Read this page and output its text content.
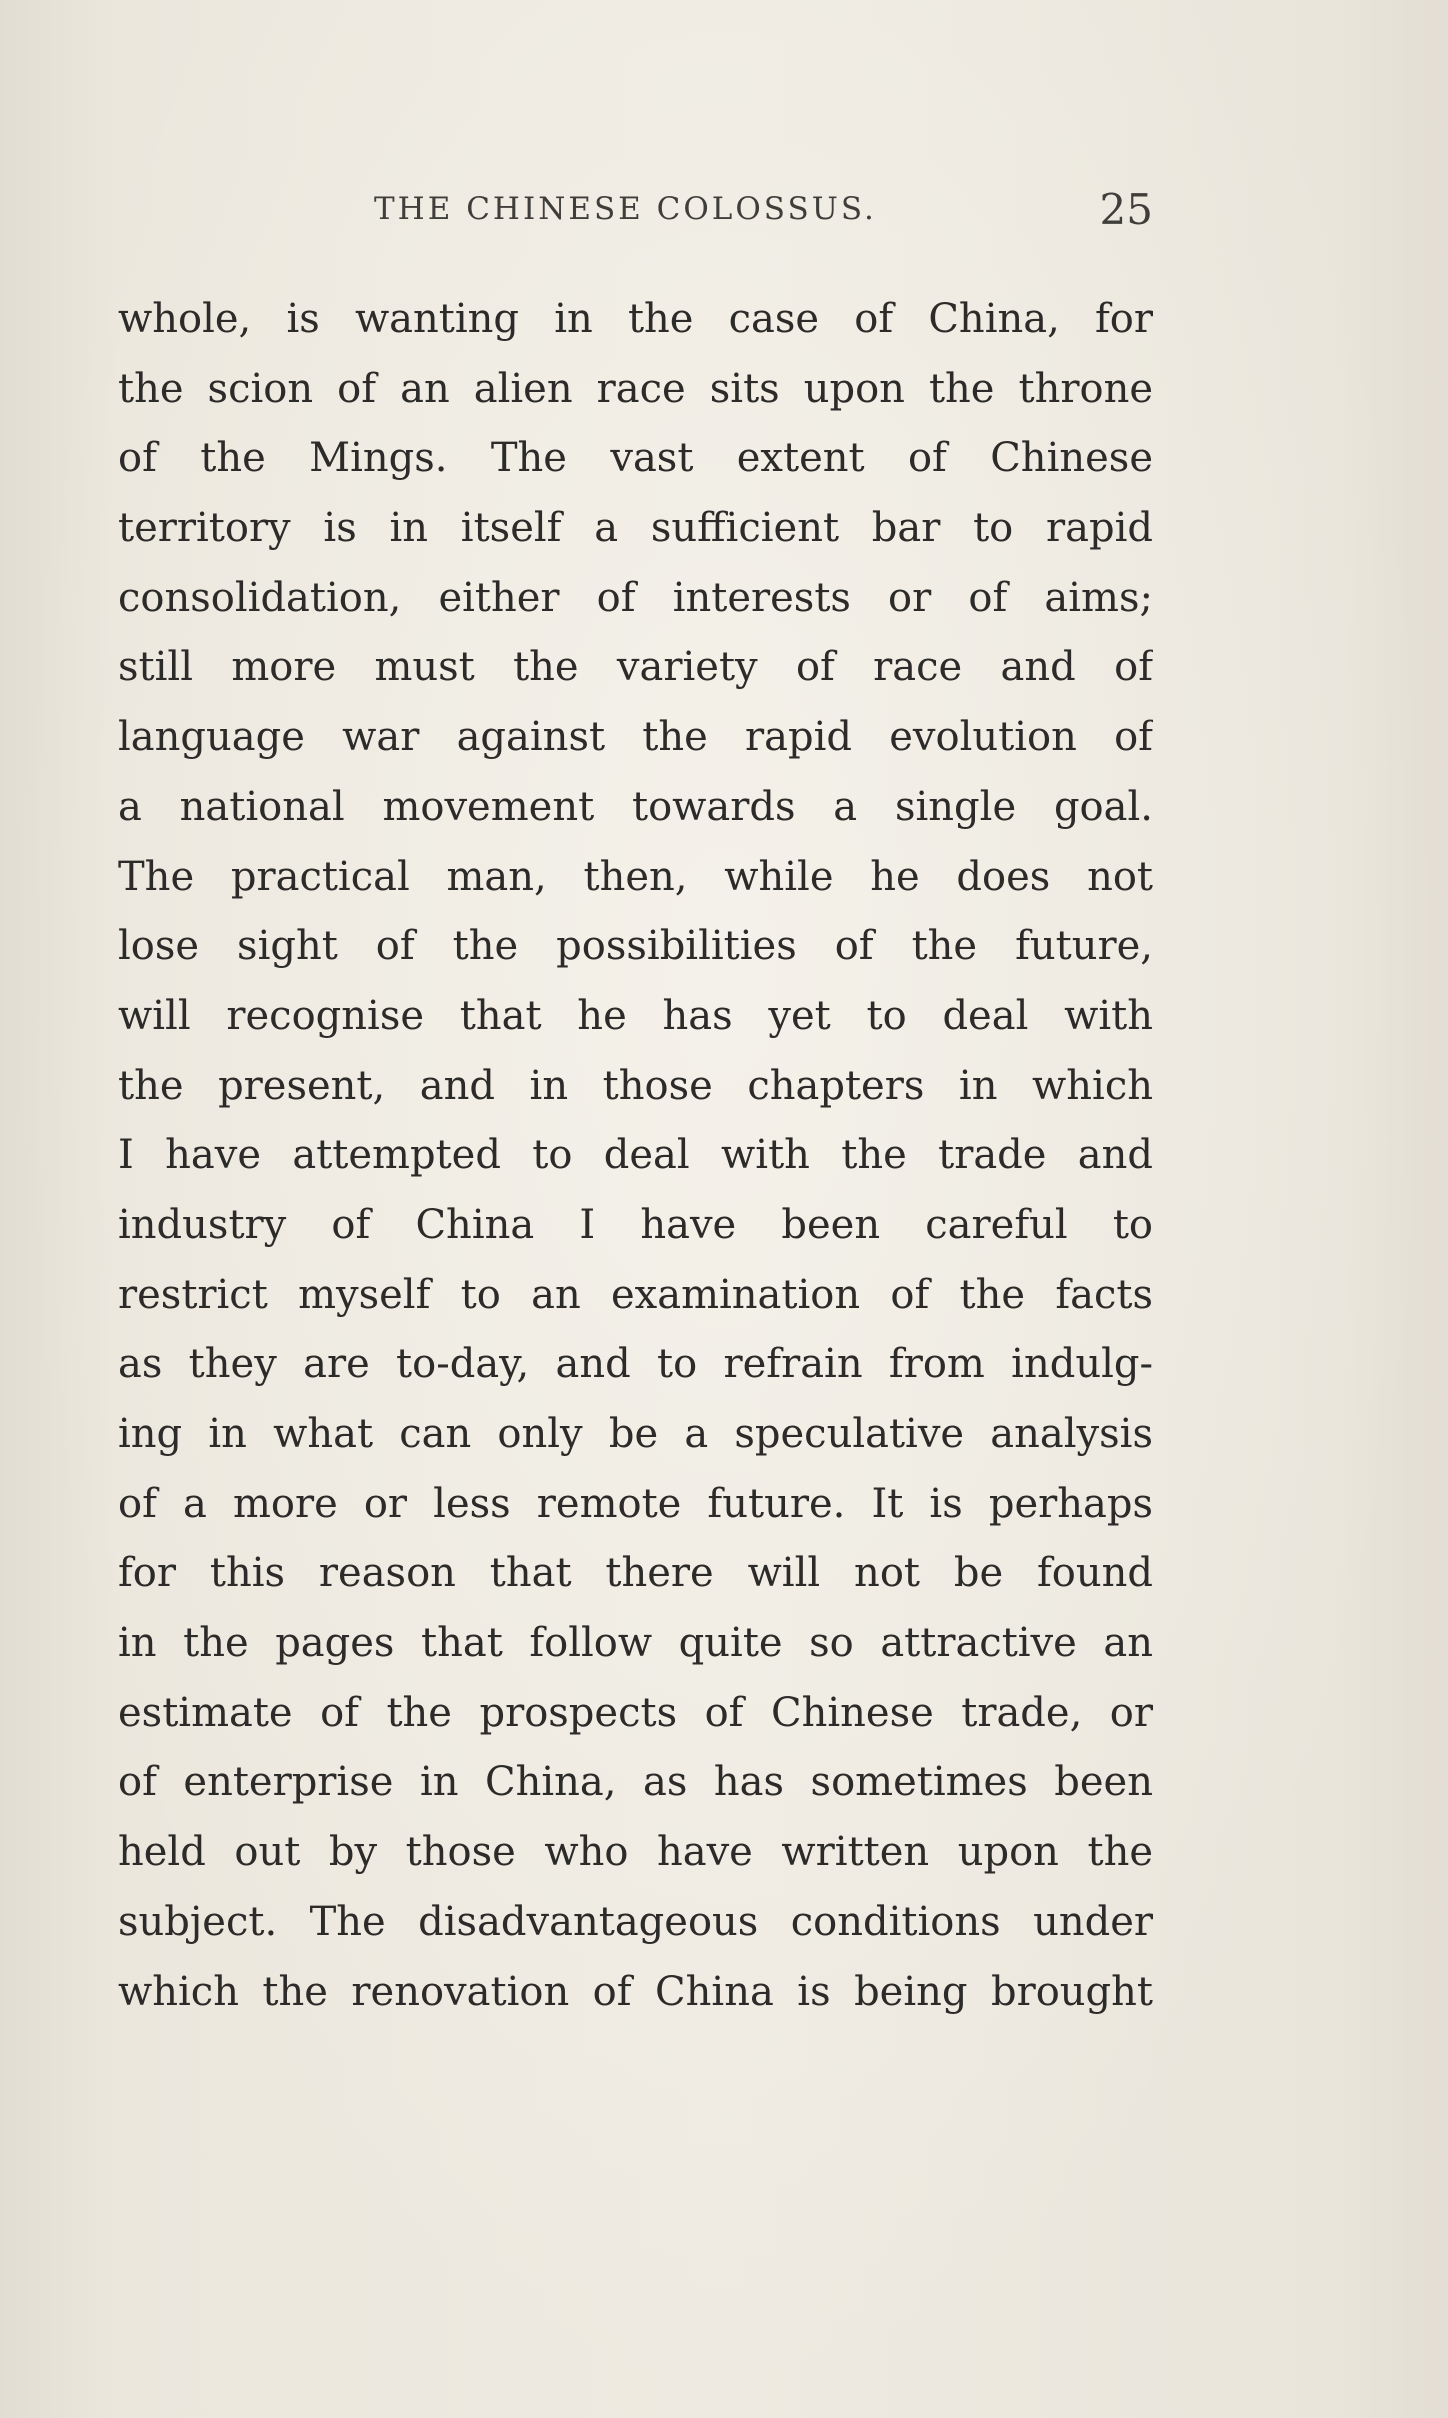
THE CHINESE COLOSSUS.	25
whole, is wanting in the case of China, for
the scion of an alien race sits upon the throne
of the Mings. The vast extent of Chinese
territory is in itself a sufficient bar to rapid
consolidation, either of interests or of aims;
still more must the variety of race and of
language war against the rapid evolution of
a national movement towards a single goal.
The practical man, then, while he does not
lose sight of the possibilities of the future,
will recognise that he has yet to deal with
the present, and in those chapters in which
I have attempted to deal with the trade and
industry of China I have been careful to
restrict myself to an examination of the facts
as they are to-day, and to refrain from indulg-
ing in what can only be a speculative analysis
of a more or less remote future. It is perhaps
for this reason that there will not be found
in the pages that follow quite so attractive an
estimate of the prospects of Chinese trade, or
of enterprise in China, as has sometimes been
held out by those who have written upon the
subject. The disadvantageous conditions under
which the renovation of China is being brought
